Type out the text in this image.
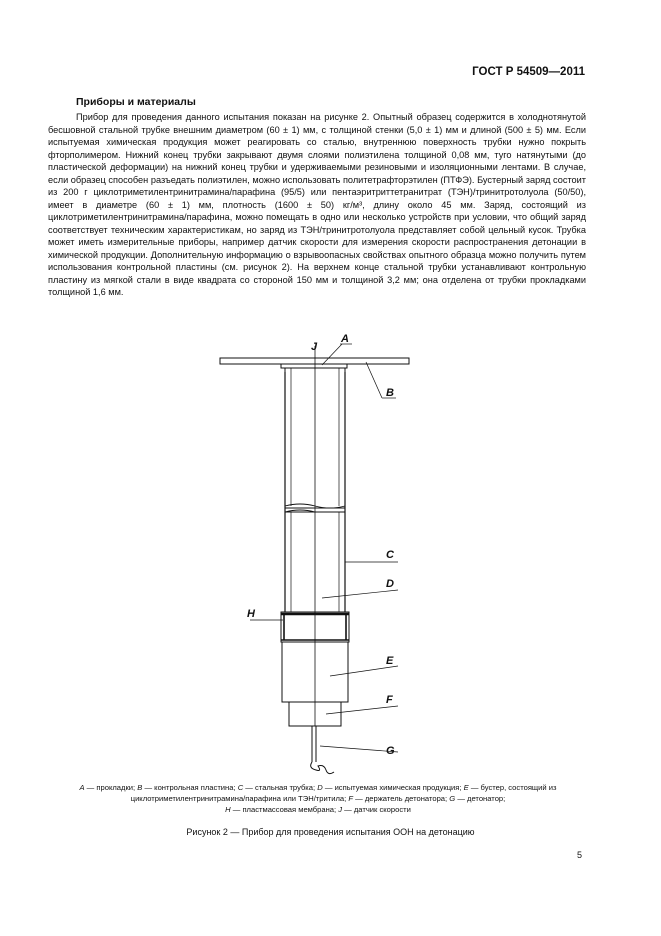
ГОСТ Р 54509—2011
Приборы и материалы

Прибор для проведения данного испытания показан на рисунке 2. Опытный образец содержится в холоднотянутой бесшовной стальной трубке внешним диаметром (60 ± 1) мм, с толщиной стенки (5,0 ± 1) мм и длиной (500 ± 5) мм. Если испытуемая химическая продукция может реагировать со сталью, внутреннюю поверхность трубки нужно покрыть фторполимером. Нижний конец трубки закрывают двумя слоями полиэтилена толщиной 0,08 мм, туго натянутыми (до пластической деформации) на нижний конец трубки и удерживаемыми резиновыми и изоляционными лентами. В случае, если образец способен разъедать полиэтилен, можно использовать политетрафторэтилен (ПТФЭ). Бустерный заряд состоит из 200 г циклотриметилентринитрамина/парафина (95/5) или пентаэритриттетранитрат (ТЭН)/тринитротолуола (50/50), имеет в диаметре (60 ± 1) мм, плотность (1600 ± 50) кг/м³, длину около 45 мм. Заряд, состоящий из циклотриметилентринитрамина/парафина, можно помещать в одно или несколько устройств при условии, что общий заряд соответствует техническим характеристикам, но заряд из ТЭН/тринитротолуола представляет собой цельный кусок. Трубка может иметь измерительные приборы, например датчик скорости для измерения скорости распространения детонации в химической продукции. Дополнительную информацию о взрывоопасных свойствах опытного образца можно получить путем использования контрольной пластины (см. рисунок 2). На верхнем конце стальной трубки устанавливают контрольную пластину из мягкой стали в виде квадрата со стороной 150 мм и толщиной 3,2 мм; она отделена от трубки прокладками толщиной 1,6 мм.

J
A
B
C
D
H
E
F
G
A — прокладки; B — контрольная пластина; C — стальная трубка; D — испытуемая химическая продукция; E — бустер, состоящий из циклотриметилентринитрамина/парафина или ТЭН/тритила; F — держатель детонатора; G — детонатор;
H — пластмассовая мембрана; J — датчик скорости
Рисунок 2 — Прибор для проведения испытания ООН на детонацию
5
